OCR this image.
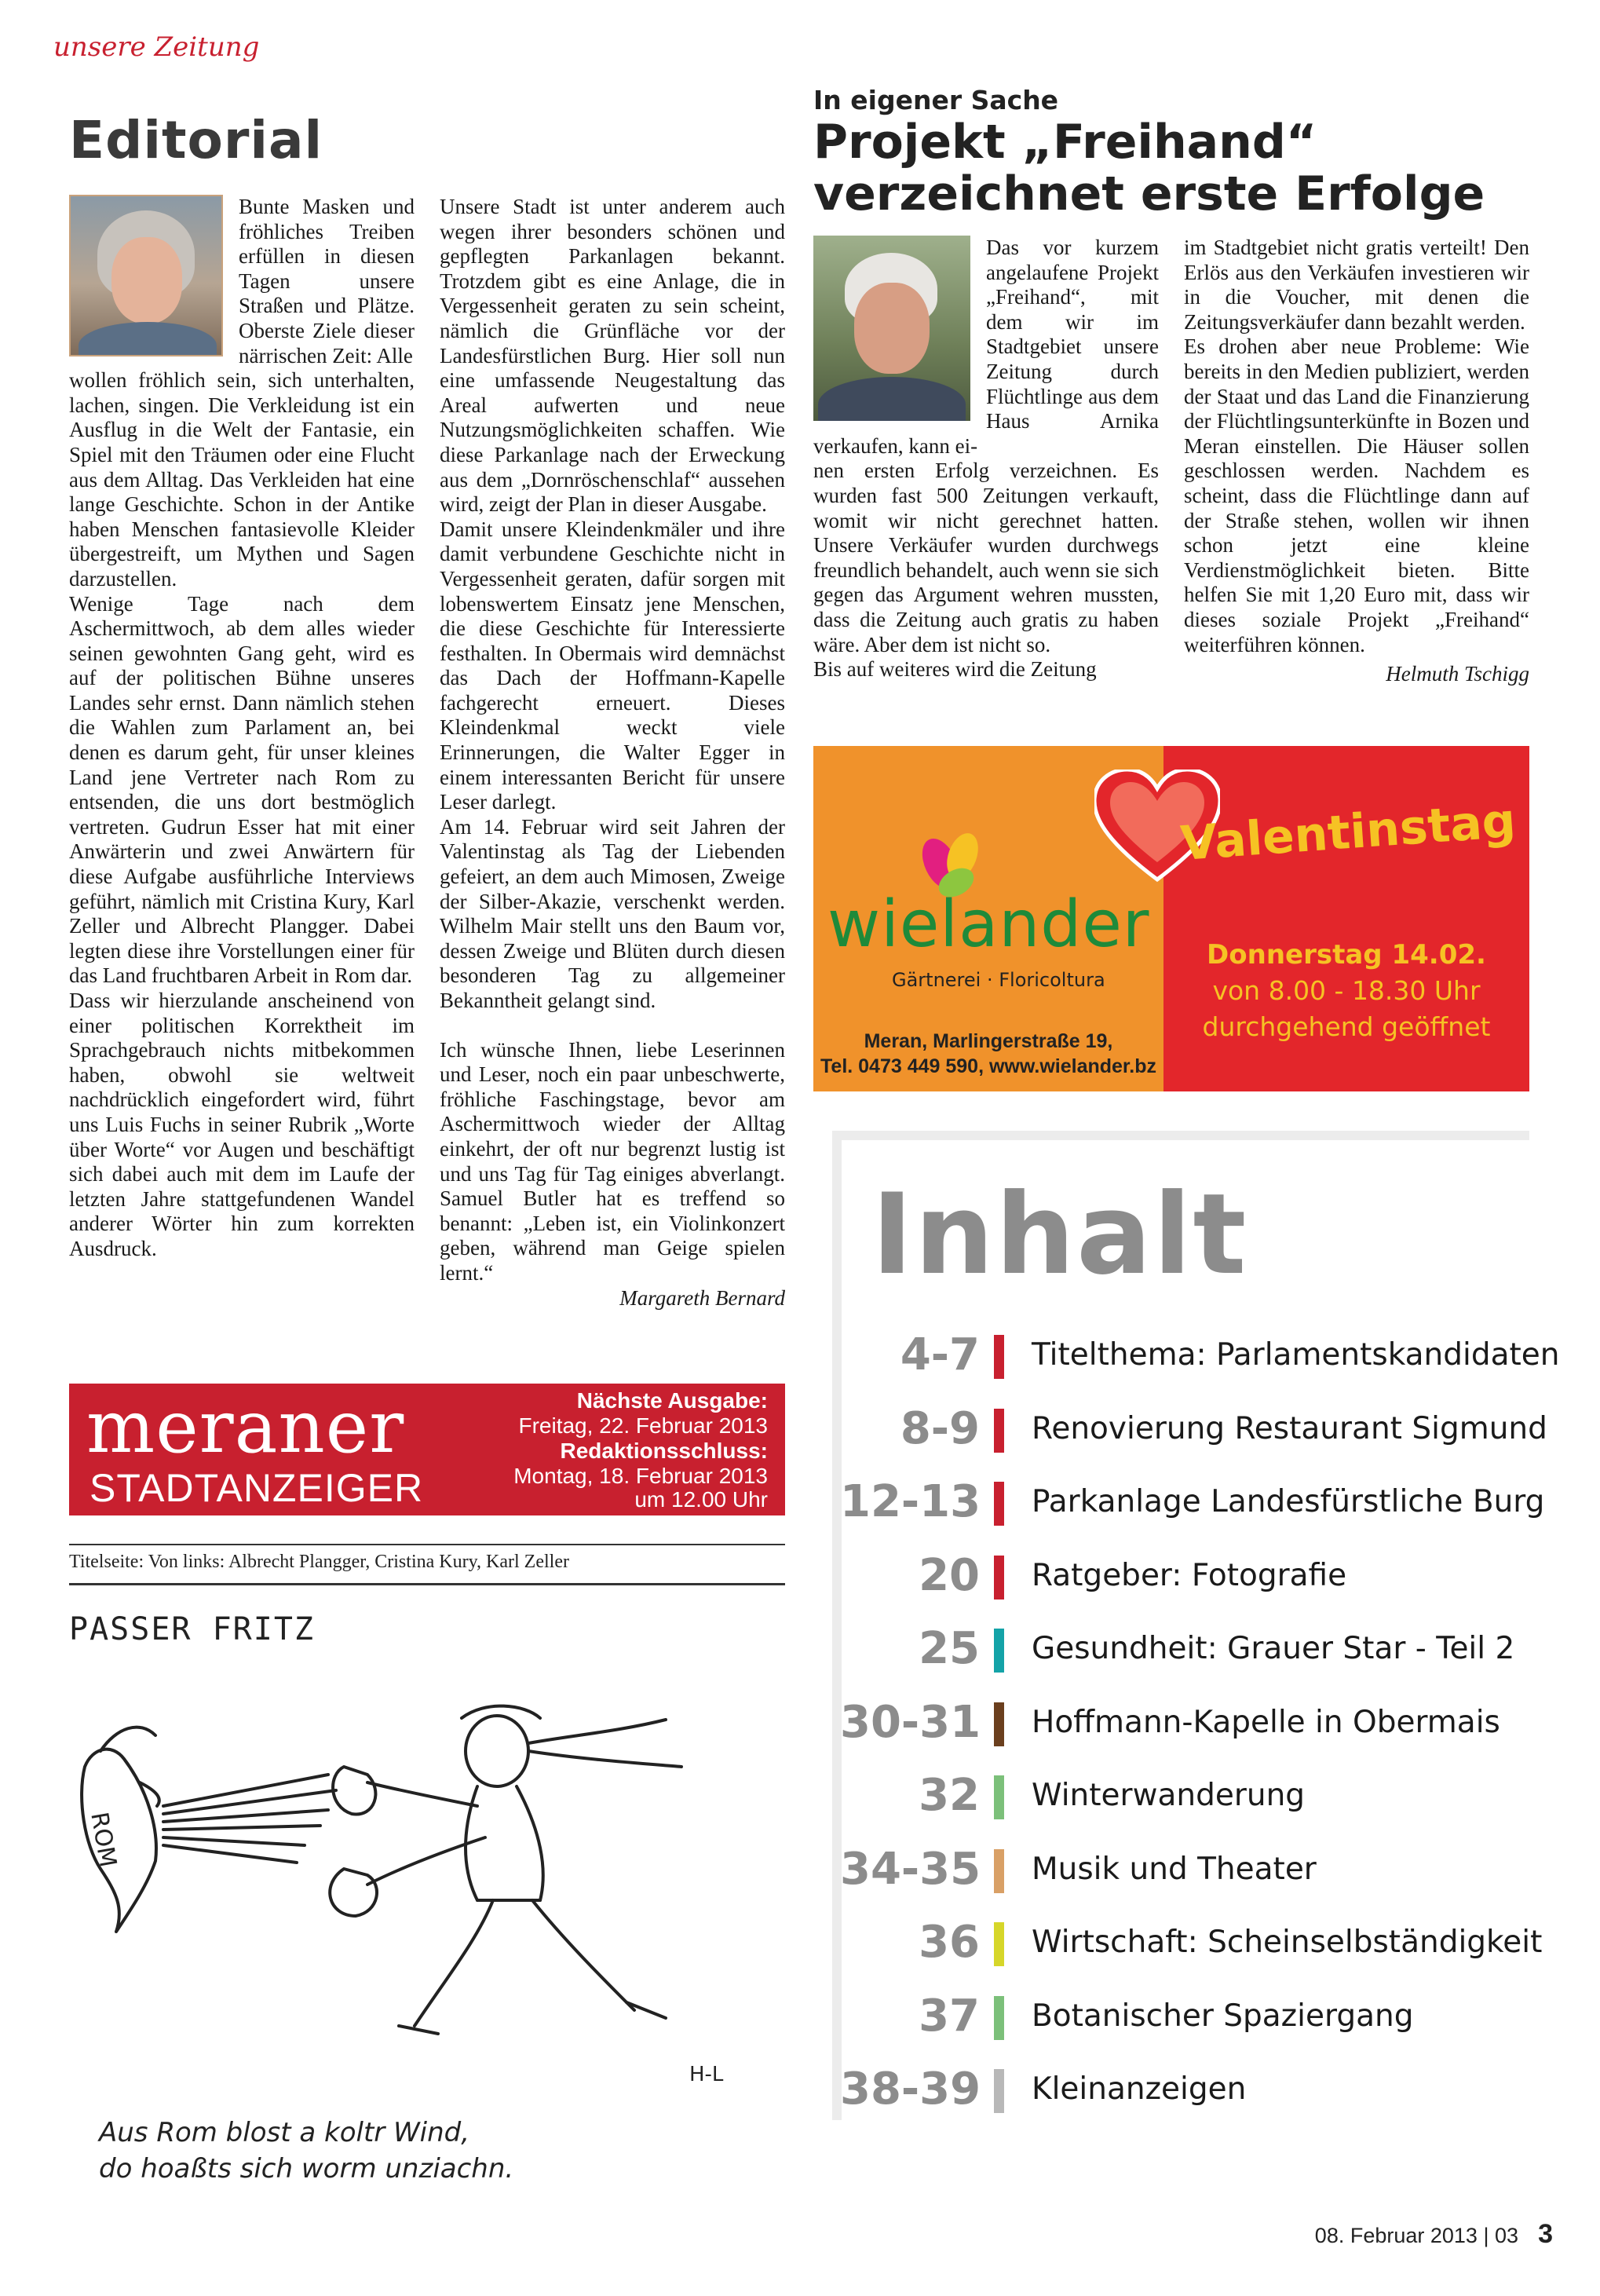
unsere Zeitung
Editorial

Bunte Masken und fröhliches Treiben erfüllen in diesen Tagen unsere Straßen und Plätze. Oberste Ziele dieser närrischen Zeit: Alle

wollen fröhlich sein, sich unterhalten, lachen, singen. Die Verkleidung ist ein Ausflug in die Welt der Fantasie, ein Spiel mit den Träumen oder eine Flucht aus dem Alltag. Das Verkleiden hat eine lange Geschichte. Schon in der Antike haben Menschen fantasievolle Kleider übergestreift, um Mythen und Sagen darzustellen.

Wenige Tage nach dem Aschermittwoch, ab dem alles wieder seinen gewohnten Gang geht, wird es auf der politischen Bühne unseres Landes sehr ernst. Dann nämlich stehen die Wahlen zum Parlament an, bei denen es darum geht, für unser kleines Land jene Vertreter nach Rom zu entsenden, die uns dort bestmöglich vertreten. Gudrun Esser hat mit einer Anwärterin und zwei Anwärtern für diese Aufgabe ausführliche Interviews geführt, nämlich mit Cristina Kury, Karl Zeller und Albrecht Plangger. Dabei legten diese ihre Vorstellungen einer für das Land fruchtbaren Arbeit in Rom dar.

Dass wir hierzulande anscheinend von einer politischen Korrektheit im Sprachgebrauch nichts mitbekommen haben, obwohl sie weltweit nachdrücklich eingefordert wird, führt uns Luis Fuchs in seiner Rubrik „Worte über Worte“ vor Augen und beschäftigt sich dabei auch mit dem im Laufe der letzten Jahre stattgefundenen Wandel anderer Wörter hin zum korrekten Ausdruck.

Unsere Stadt ist unter anderem auch wegen ihrer besonders schönen und gepflegten Parkanlagen bekannt. Trotzdem gibt es eine Anlage, die in Vergessenheit geraten zu sein scheint, nämlich die Grünfläche vor der Landesfürstlichen Burg. Hier soll nun eine umfassende Neugestaltung das Areal aufwerten und neue Nutzungsmöglichkeiten schaffen. Wie diese Parkanlage nach der Erweckung aus dem „Dornröschenschlaf“ aussehen wird, zeigt der Plan in dieser Ausgabe.

Damit unsere Kleindenkmäler und ihre damit verbundene Geschichte nicht in Vergessenheit geraten, dafür sorgen mit lobenswertem Einsatz jene Menschen, die diese Geschichte für Interessierte festhalten. In Obermais wird demnächst das Dach der Hoffmann-Kapelle fachgerecht erneuert. Dieses Kleindenkmal weckt viele Erinnerungen, die Walter Egger in einem interessanten Bericht für unsere Leser darlegt.

Am 14. Februar wird seit Jahren der Valentinstag als Tag der Liebenden gefeiert, an dem auch Mimosen, Zweige der Silber-Akazie, verschenkt werden. Wilhelm Mair stellt uns den Baum vor, dessen Zweige und Blüten durch diesen besonderen Tag zu allgemeiner Bekanntheit gelangt sind.

Ich wünsche Ihnen, liebe Leserinnen und Leser, noch ein paar unbeschwerte, fröhliche Faschingstage, bevor am Aschermittwoch wieder der Alltag einkehrt, der oft nur begrenzt lustig ist und uns Tag für Tag einiges abverlangt. Samuel Butler hat es treffend so benannt: „Leben ist, ein Violinkonzert geben, während man Geige spielen lernt.“

Margareth Bernard

In eigener Sache
Projekt „Freihand“
verzeichnet erste Erfolge

Das vor kurzem angelaufene Projekt „Freihand“, mit dem wir im Stadtgebiet unsere Zeitung durch Flüchtlinge aus dem Haus Arnika verkaufen, kann ei-

nen ersten Erfolg verzeichnen. Es wurden fast 500 Zeitungen verkauft, womit wir nicht gerechnet hatten. Unsere Verkäufer wurden durchwegs freundlich behandelt, auch wenn sie sich gegen das Argument wehren mussten, dass die Zeitung auch gratis zu haben wäre. Aber dem ist nicht so.

Bis auf weiteres wird die Zeitung

im Stadtgebiet nicht gratis verteilt! Den Erlös aus den Verkäufen investieren wir in die Voucher, mit denen die Zeitungsverkäufer dann bezahlt werden.

Es drohen aber neue Probleme: Wie bereits in den Medien publiziert, werden der Staat und das Land die Finanzierung der Flüchtlingsunterkünfte in Bozen und Meran einstellen. Die Häuser sollen geschlossen werden. Nachdem es scheint, dass die Flüchtlinge dann auf der Straße stehen, wollen wir ihnen schon jetzt eine kleine Verdienstmöglichkeit bieten. Bitte helfen Sie mit 1,20 Euro mit, dass wir dieses soziale Projekt „Freihand“ weiterführen können.

Helmuth Tschigg

wielander
Gärtnerei · Floricoltura
Meran, Marlingerstraße 19,
Tel. 0473 449 590, www.wielander.bz
Valentinstag
Donnerstag 14.02.
von 8.00 - 18.30 Uhr
durchgehend geöffnet
Inhalt
4-7 Titelthema: Parlamentskandidaten
8-9 Renovierung Restaurant Sigmund
12-13 Parkanlage Landesfürstliche Burg
20 Ratgeber: Fotografie
25 Gesundheit: Grauer Star - Teil 2
30-31 Hoffmann-Kapelle in Obermais
32 Winterwanderung
34-35 Musik und Theater
36 Wirtschaft: Scheinselbständigkeit
37 Botanischer Spaziergang
38-39 Kleinanzeigen
meraner
STADTANZEIGER
Nächste Ausgabe:
Freitag, 22. Februar 2013
Redaktionsschluss:
Montag, 18. Februar 2013
um 12.00 Uhr
Titelseite: Von links: Albrecht Plangger, Cristina Kury, Karl Zeller
PASSER FRITZ
ROM
H-L
Aus Rom blost a koltr Wind,
do hoaßts sich worm unziachn.
08. Februar 2013 | 03 3
